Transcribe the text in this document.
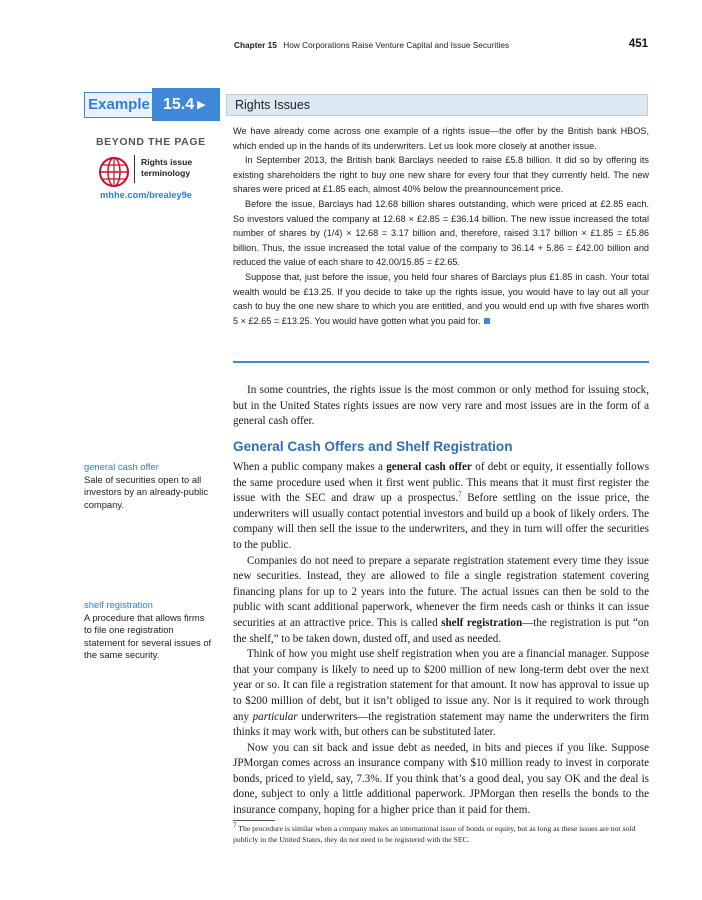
Chapter 15 How Corporations Raise Venture Capital and Issue Securities	451
Example 15.4 ▶	Rights Issues
BEYOND THE PAGE
Rights issue
terminology
mhhe.com/brealey9e

We have already come across one example of a rights issue—the offer by the British bank HBOS, which ended up in the hands of its underwriters. Let us look more closely at another issue.

In September 2013, the British bank Barclays needed to raise £5.8 billion. It did so by offering its existing shareholders the right to buy one new share for every four that they currently held. The new shares were priced at £1.85 each, almost 40% below the preannouncement price.

Before the issue, Barclays had 12.68 billion shares outstanding, which were priced at £2.85 each. So investors valued the company at 12.68 × £2.85 = £36.14 billion. The new issue increased the total number of shares by (1/4) × 12.68 = 3.17 billion and, therefore, raised 3.17 billion × £1.85 = £5.86 billion. Thus, the issue increased the total value of the company to 36.14 + 5.86 = £42.00 billion and reduced the value of each share to 42.00/15.85 = £2.65.

Suppose that, just before the issue, you held four shares of Barclays plus £1.85 in cash. Your total wealth would be £13.25. If you decide to take up the rights issue, you would have to lay out all your cash to buy the one new share to which you are entitled, and you would end up with five shares worth 5 × £2.65 = £13.25. You would have gotten what you paid for.

In some countries, the rights issue is the most common or only method for issuing stock, but in the United States rights issues are now very rare and most issues are in the form of a general cash offer.

General Cash Offers and Shelf Registration

When a public company makes a general cash offer of debt or equity, it essentially follows the same procedure used when it first went public. This means that it must first register the issue with the SEC and draw up a prospectus.$^7$ Before settling on the issue price, the underwriters will usually contact potential investors and build up a book of likely orders. The company will then sell the issue to the underwriters, and they in turn will offer the securities to the public.

Companies do not need to prepare a separate registration statement every time they issue new securities. Instead, they are allowed to file a single registration statement covering financing plans for up to 2 years into the future. The actual issues can then be sold to the public with scant additional paperwork, whenever the firm needs cash or thinks it can issue securities at an attractive price. This is called shelf registration—the registration is put “on the shelf,” to be taken down, dusted off, and used as needed.

Think of how you might use shelf registration when you are a financial manager. Suppose that your company is likely to need up to $200 million of new long-term debt over the next year or so. It can file a registration statement for that amount. It now has approval to issue up to $200 million of debt, but it isn’t obliged to issue any. Nor is it required to work through any particular underwriters—the registration statement may name the underwriters the firm thinks it may work with, but others can be substituted later.

Now you can sit back and issue debt as needed, in bits and pieces if you like. Suppose JPMorgan comes across an insurance company with $10 million ready to invest in corporate bonds, priced to yield, say, 7.3%. If you think that’s a good deal, you say OK and the deal is done, subject to only a little additional paperwork. JPMorgan then resells the bonds to the insurance company, hoping for a higher price than it paid for them.

general cash offer
Sale of securities open to all investors by an already-public company.
shelf registration
A procedure that allows firms to file one registration statement for several issues of the same security.
7 The procedure is similar when a company makes an international issue of bonds or equity, but as long as these issues are not sold publicly in the United States, they do not need to be registered with the SEC.
